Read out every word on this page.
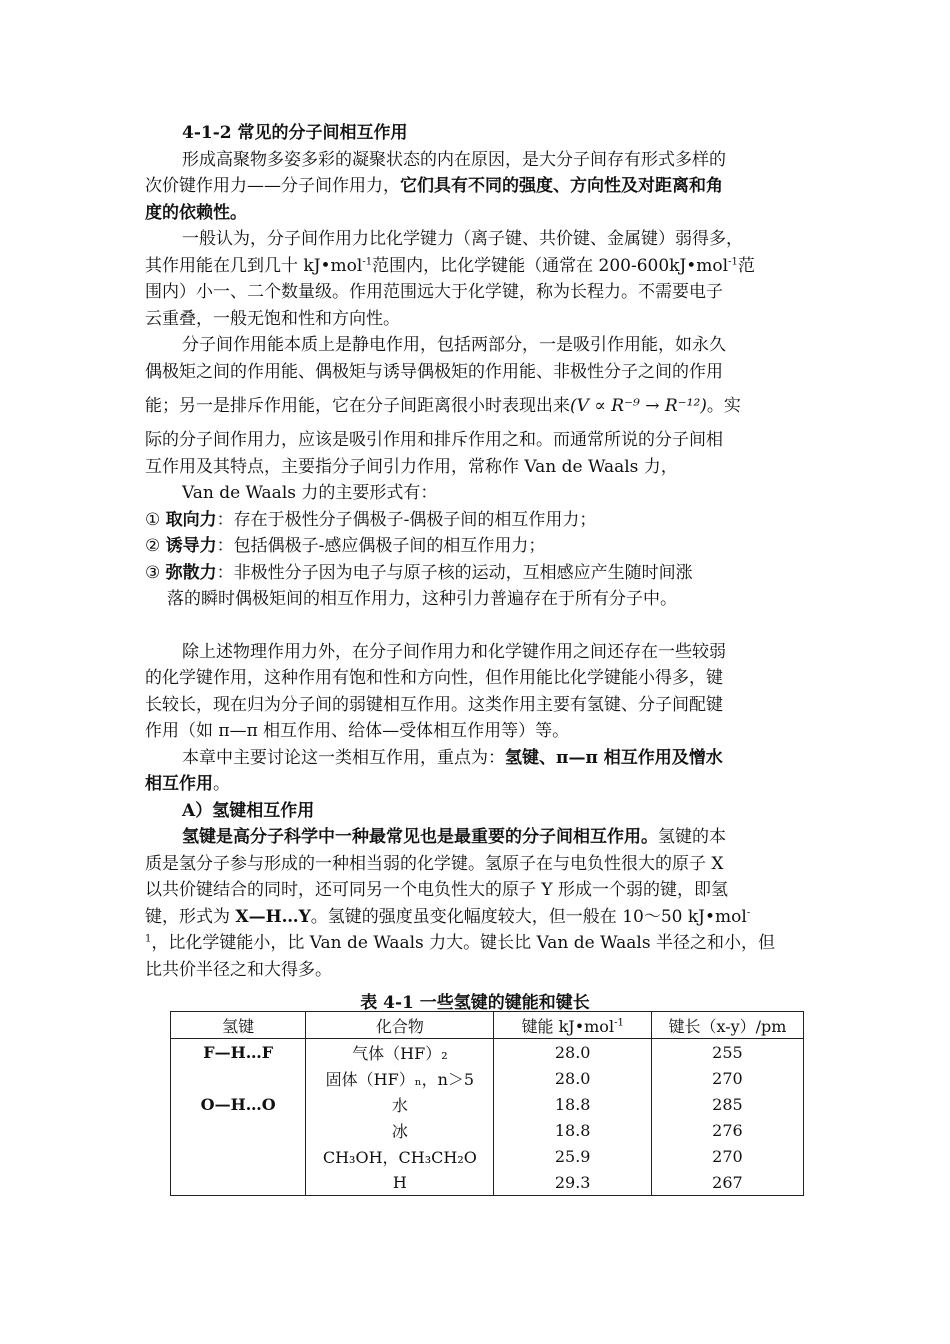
4-1-2 常见的分子间相互作用
形成高聚物多姿多彩的凝聚状态的内在原因，是大分子间存有形式多样的
次价键作用力——分子间作用力，它们具有不同的强度、方向性及对距离和角
度的依赖性。
一般认为，分子间作用力比化学键力（离子键、共价键、金属键）弱得多，
其作用能在几到几十 kJ•mol$^{-1}$范围内，比化学键能（通常在 200-600kJ•mol$^{-1}$范
围内）小一、二个数量级。作用范围远大于化学键，称为长程力。不需要电子
云重叠，一般无饱和性和方向性。
分子间作用能本质上是静电作用，包括两部分，一是吸引作用能，如永久
偶极矩之间的作用能、偶极矩与诱导偶极矩的作用能、非极性分子之间的作用
能；另一是排斥作用能，它在分子间距离很小时表现出来(V ∝ R⁻⁹ → R⁻¹²)。实
际的分子间作用力，应该是吸引作用和排斥作用之和。而通常所说的分子间相
互作用及其特点，主要指分子间引力作用，常称作 Van de Waals 力，
Van de Waals 力的主要形式有：
① 取向力：存在于极性分子偶极子-偶极子间的相互作用力；
② 诱导力：包括偶极子-感应偶极子间的相互作用力；
③ 弥散力：非极性分子因为电子与原子核的运动，互相感应产生随时间涨
落的瞬时偶极矩间的相互作用力，这种引力普遍存在于所有分子中。
除上述物理作用力外，在分子间作用力和化学键作用之间还存在一些较弱
的化学键作用，这种作用有饱和性和方向性，但作用能比化学键能小得多，键
长较长，现在归为分子间的弱键相互作用。这类作用主要有氢键、分子间配键
作用（如 π—π 相互作用、给体—受体相互作用等）等。
本章中主要讨论这一类相互作用，重点为：氢键、π—π 相互作用及憎水
相互作用。
A）氢键相互作用
氢键是高分子科学中一种最常见也是最重要的分子间相互作用。氢键的本
质是氢分子参与形成的一种相当弱的化学键。氢原子在与电负性很大的原子 X
以共价键结合的同时，还可同另一个电负性大的原子 Y 形成一个弱的键，即氢
键，形式为 X—H…Y。氢键的强度虽变化幅度较大，但一般在 10～50 kJ•mol-
$^1$，比化学键能小，比 Van de Waals 力大。键长比 Van de Waals 半径之和小，但
比共价半径之和大得多。
表 4-1 一些氢键的键能和键长
氢键	化合物	键能 kJ•mol$^{-1}$	键长（x-y）/pm
F—H…F	气体（HF）₂	28.0	255
	固体（HF）ₙ，n＞5	28.0	270
O—H…O	水	18.8	285
	冰	18.8	276
	CH₃OH，CH₃CH₂O	25.9	270
	H	29.3	267
